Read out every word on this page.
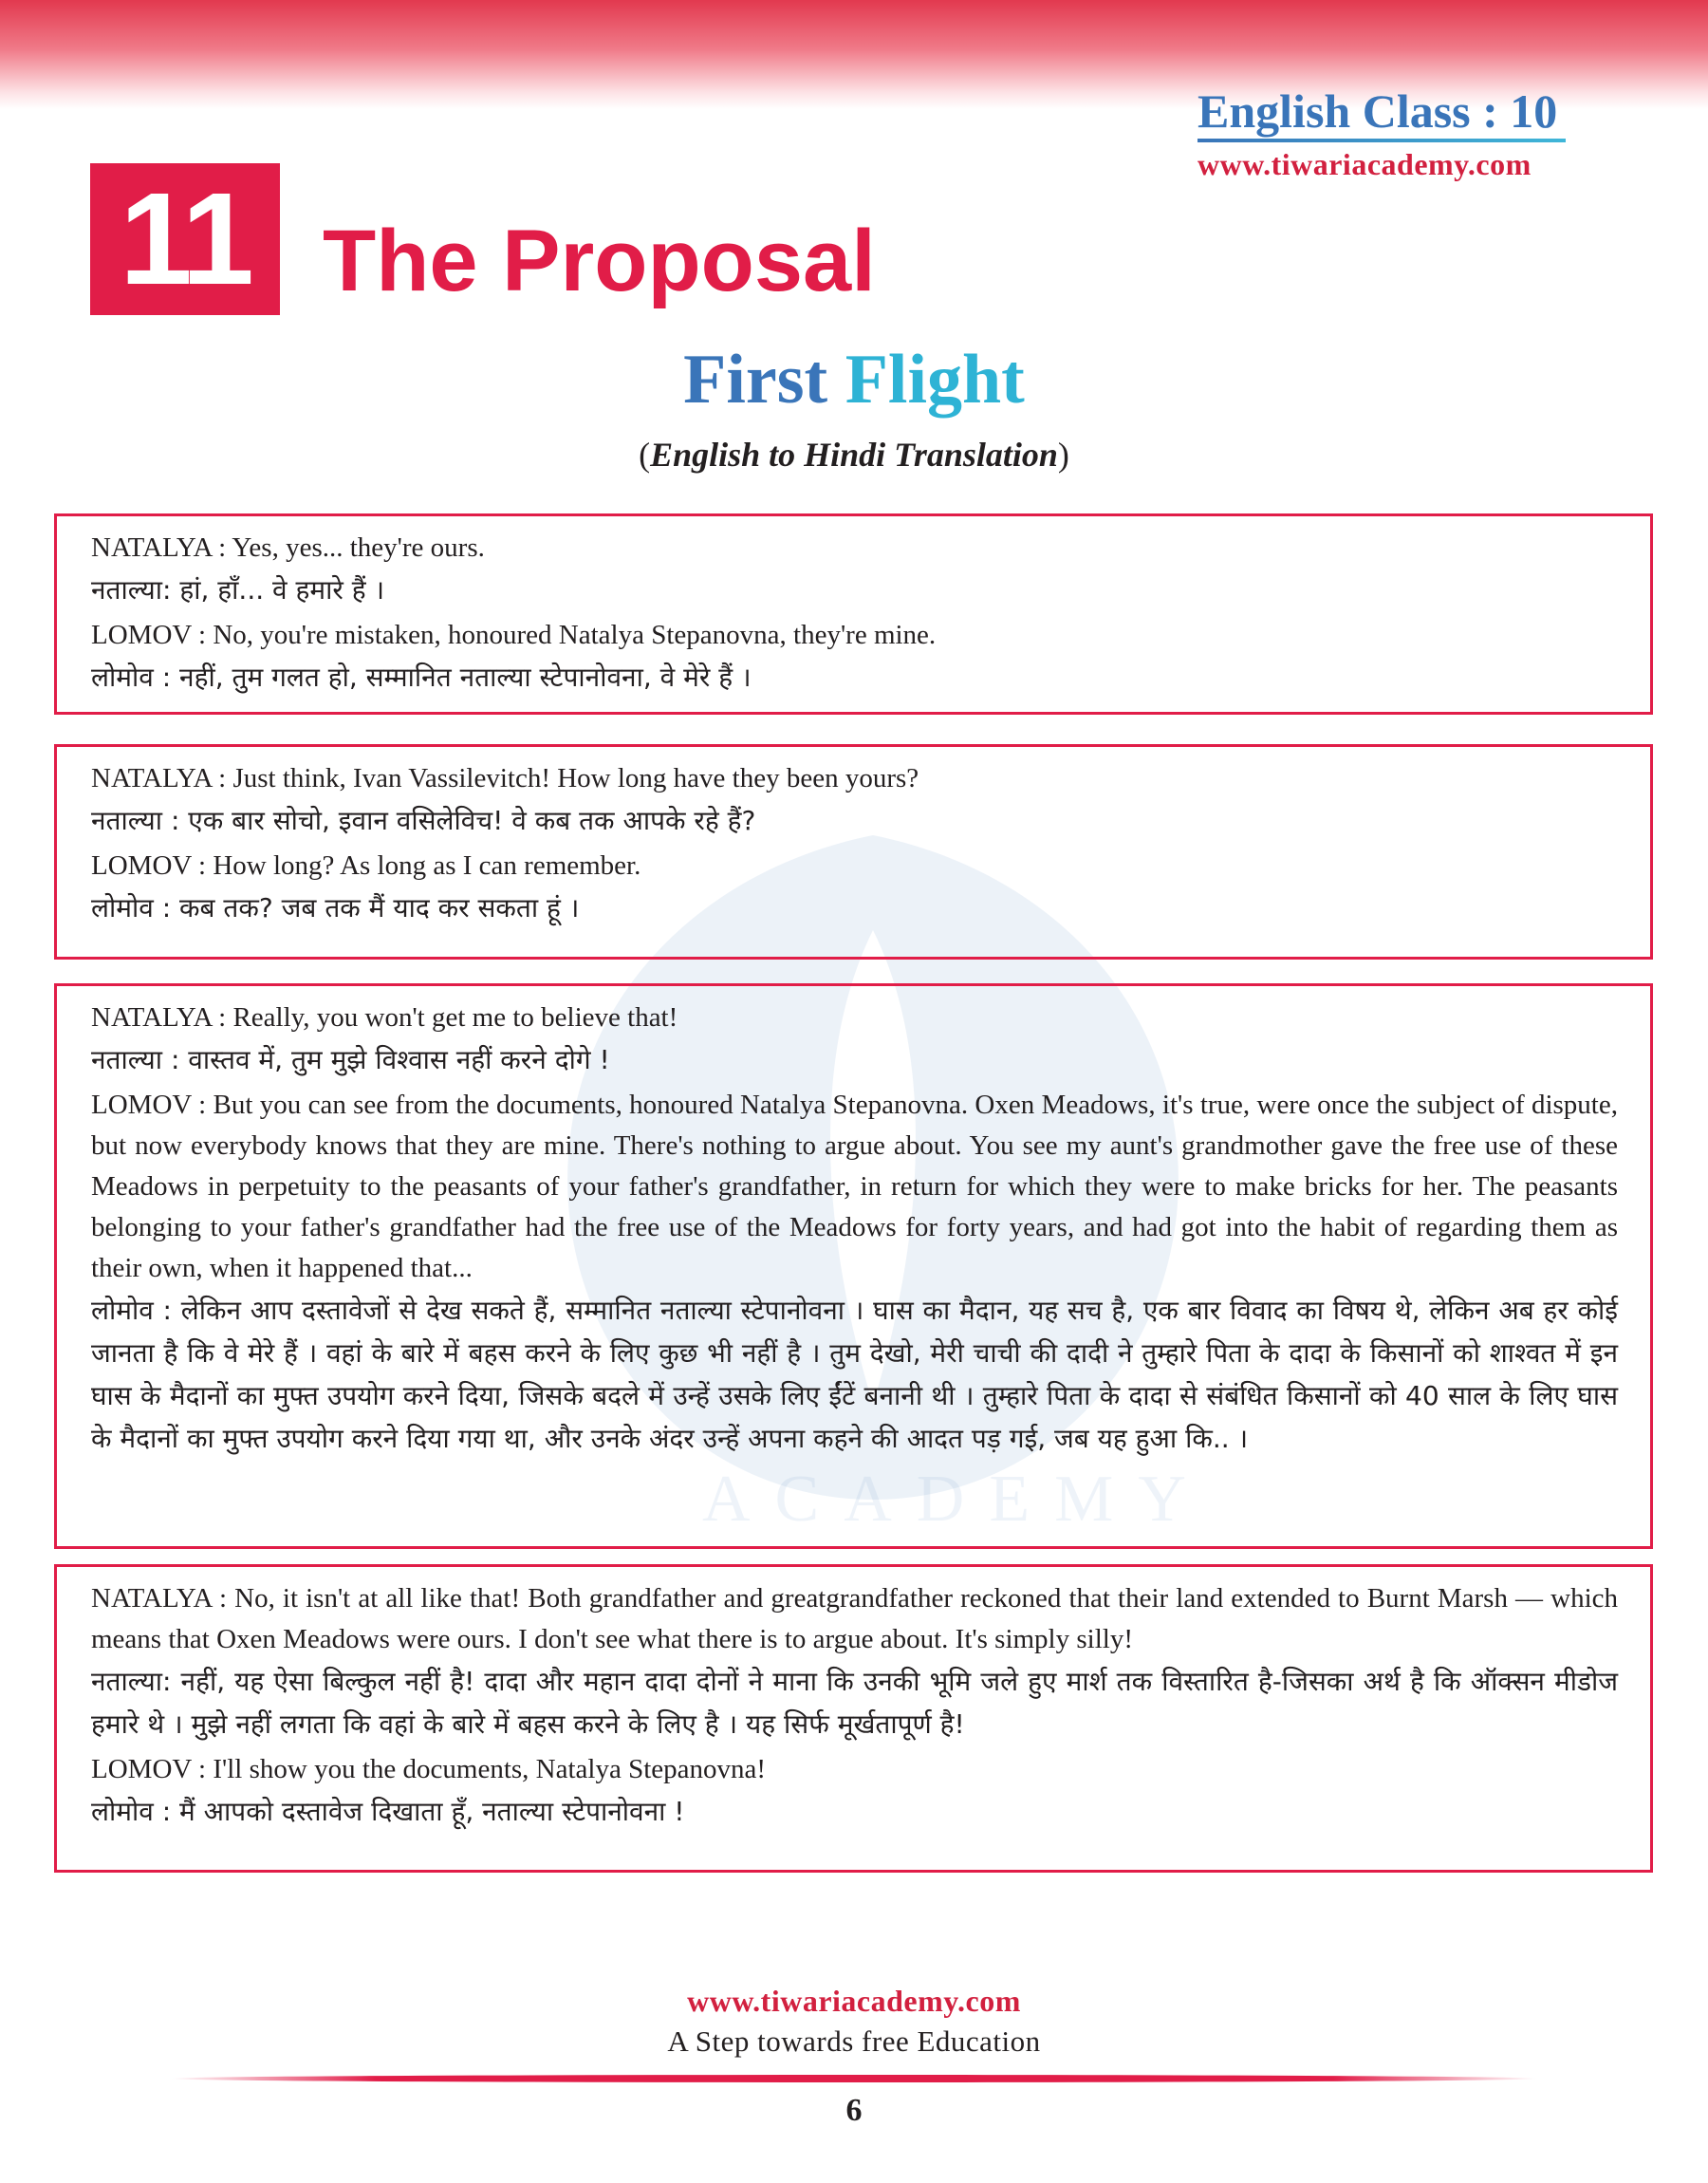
English Class : 10
www.tiwariacademy.com
11 The Proposal
First Flight
(English to Hindi Translation)
ACADEMY
NATALYA : Yes, yes... they're ours.
नताल्या: हां, हाँ... वे हमारे हैं ।
LOMOV : No, you're mistaken, honoured Natalya Stepanovna, they're mine.
लोमोव : नहीं, तुम गलत हो, सम्मानित नताल्या स्टेपानोवना, वे मेरे हैं ।
NATALYA : Just think, Ivan Vassilevitch! How long have they been yours?
नताल्या : एक बार सोचो, इवान वसिलेविच! वे कब तक आपके रहे हैं?
LOMOV : How long? As long as I can remember.
लोमोव : कब तक? जब तक मैं याद कर सकता हूं ।
NATALYA : Really, you won't get me to believe that!
नताल्या : वास्तव में, तुम मुझे विश्वास नहीं करने दोगे !
LOMOV : But you can see from the documents, honoured Natalya Stepanovna. Oxen Meadows, it's true, were once the subject of dispute, but now everybody knows that they are mine. There's nothing to argue about. You see my aunt's grandmother gave the free use of these Meadows in perpetuity to the peasants of your father's grandfather, in return for which they were to make bricks for her. The peasants belonging to your father's grandfather had the free use of the Meadows for forty years, and had got into the habit of regarding them as their own, when it happened that...
लोमोव : लेकिन आप दस्तावेजों से देख सकते हैं, सम्मानित नताल्या स्टेपानोवना । घास का मैदान, यह सच है, एक बार विवाद का विषय थे, लेकिन अब हर कोई जानता है कि वे मेरे हैं । वहां के बारे में बहस करने के लिए कुछ भी नहीं है । तुम देखो, मेरी चाची की दादी ने तुम्हारे पिता के दादा के किसानों को शाश्वत में इन घास के मैदानों का मुफ्त उपयोग करने दिया, जिसके बदले में उन्हें उसके लिए ईंटें बनानी थी । तुम्हारे पिता के दादा से संबंधित किसानों को 40 साल के लिए घास के मैदानों का मुफ्त उपयोग करने दिया गया था, और उनके अंदर उन्हें अपना कहने की आदत पड़ गई, जब यह हुआ कि.. ।
NATALYA : No, it isn't at all like that! Both grandfather and greatgrandfather reckoned that their land extended to Burnt Marsh — which means that Oxen Meadows were ours. I don't see what there is to argue about. It's simply silly!
नताल्या: नहीं, यह ऐसा बिल्कुल नहीं है! दादा और महान दादा दोनों ने माना कि उनकी भूमि जले हुए मार्श तक विस्तारित है-जिसका अर्थ है कि ऑक्सन मीडोज हमारे थे । मुझे नहीं लगता कि वहां के बारे में बहस करने के लिए है । यह सिर्फ मूर्खतापूर्ण है!
LOMOV : I'll show you the documents, Natalya Stepanovna!
लोमोव : मैं आपको दस्तावेज दिखाता हूँ, नताल्या स्टेपानोवना !
www.tiwariacademy.com
A Step towards free Education
6
